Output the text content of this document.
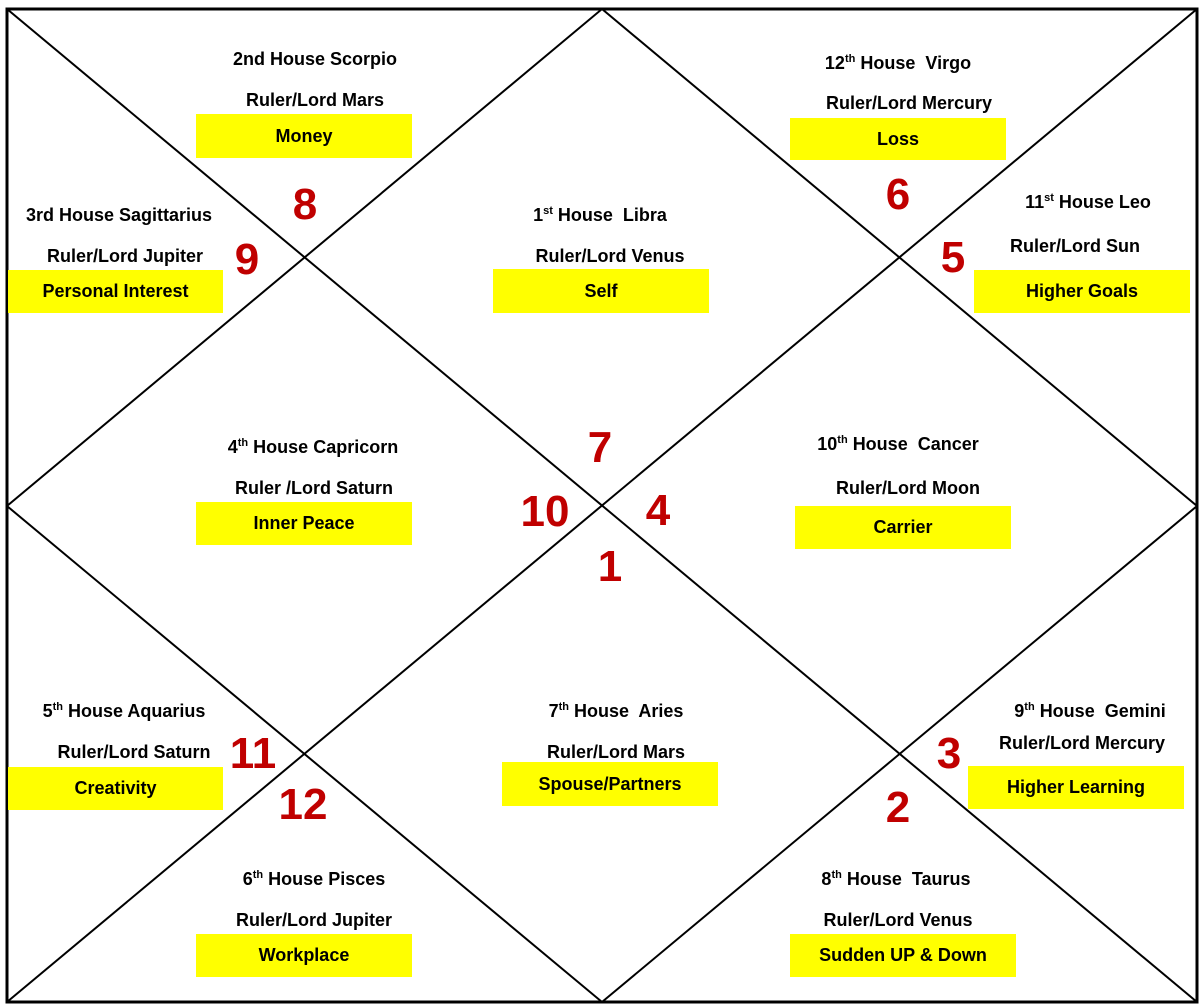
2nd House Scorpio
Ruler/Lord Mars
Money
12th House Virgo
Ruler/Lord Mercury
Loss
3rd House Sagittarius
Ruler/Lord Jupiter
Personal Interest
1st House Libra
Ruler/Lord Venus
Self
11st House Leo
Ruler/Lord Sun
Higher Goals
4th House Capricorn
Ruler /Lord Saturn
Inner Peace
10th House Cancer
Ruler/Lord Moon
Carrier
5th House Aquarius
Ruler/Lord Saturn
Creativity
7th House Aries
Ruler/Lord Mars
Spouse/Partners
9th House Gemini
Ruler/Lord Mercury
Higher Learning
6th House Pisces
Ruler/Lord Jupiter
Workplace
8th House Taurus
Ruler/Lord Venus
Sudden UP & Down
8
9
6
5
7
10 4
1
11
12
3
2
